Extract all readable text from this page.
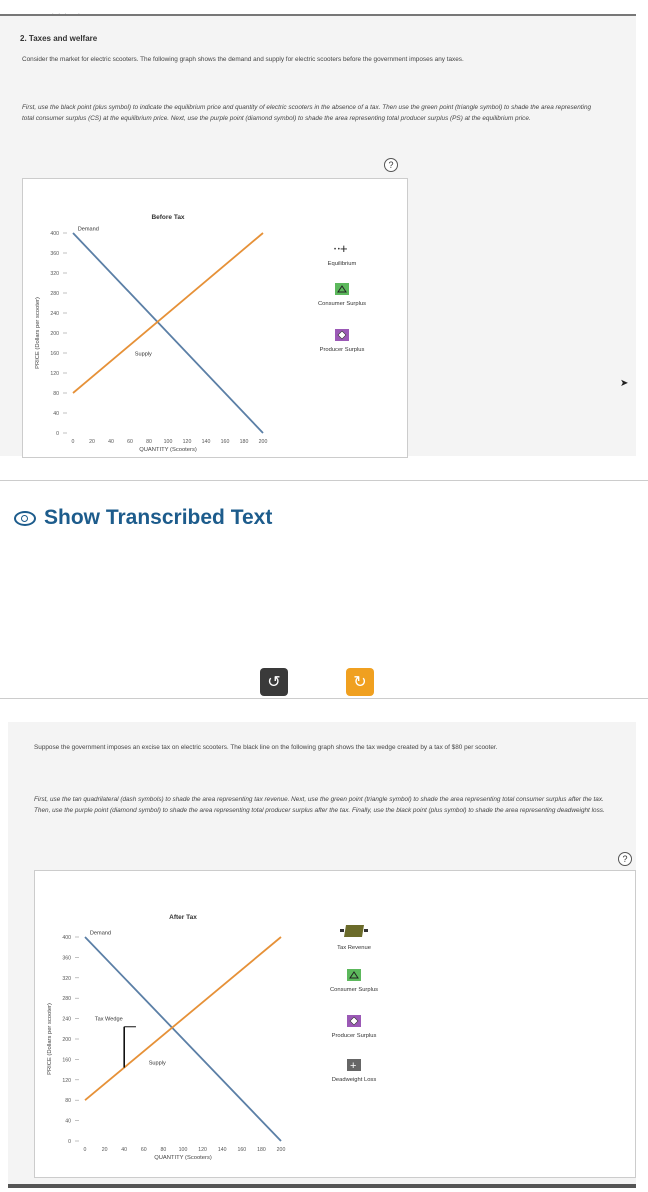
2. Taxes and welfare
Consider the market for electric scooters. The following graph shows the demand and supply for electric scooters before the government imposes any taxes.
First, use the black point (plus symbol) to indicate the equilibrium price and quantity of electric scooters in the absence of a tax. Then use the green point (triangle symbol) to shade the area representing total consumer surplus (CS) at the equilibrium price. Next, use the purple point (diamond symbol) to shade the area representing total producer surplus (PS) at the equilibrium price.
?
Before Tax
0
40
80
120
160
200
240
280
320
360
400
0	20	40	60	80 100 120 140 160 180 200
QUANTITY (Scooters)
PRICE (Dollars per scooter)
Demand
Supply
• • +
Equilibrium
Consumer Surplus
Producer Surplus
➤
Show Transcribed Text
↺	↻
Suppose the government imposes an excise tax on electric scooters. The black line on the following graph shows the tax wedge created by a tax of $80 per scooter.
First, use the tan quadrilateral (dash symbols) to shade the area representing tax revenue. Next, use the green point (triangle symbol) to shade the area representing total consumer surplus after the tax. Then, use the purple point (diamond symbol) to shade the area representing total producer surplus after the tax. Finally, use the black point (plus symbol) to shade the area representing deadweight loss.
?
After Tax
0
40
80
120
160
200
240
280
320
360
400
0	20	40	60	80 100 120 140 160 180 200
QUANTITY (Scooters)
PRICE (Dollars per scooter)
Demand
Supply
Tax Wedge
Tax Revenue
Consumer Surplus
Producer Surplus
+
Deadweight Loss
